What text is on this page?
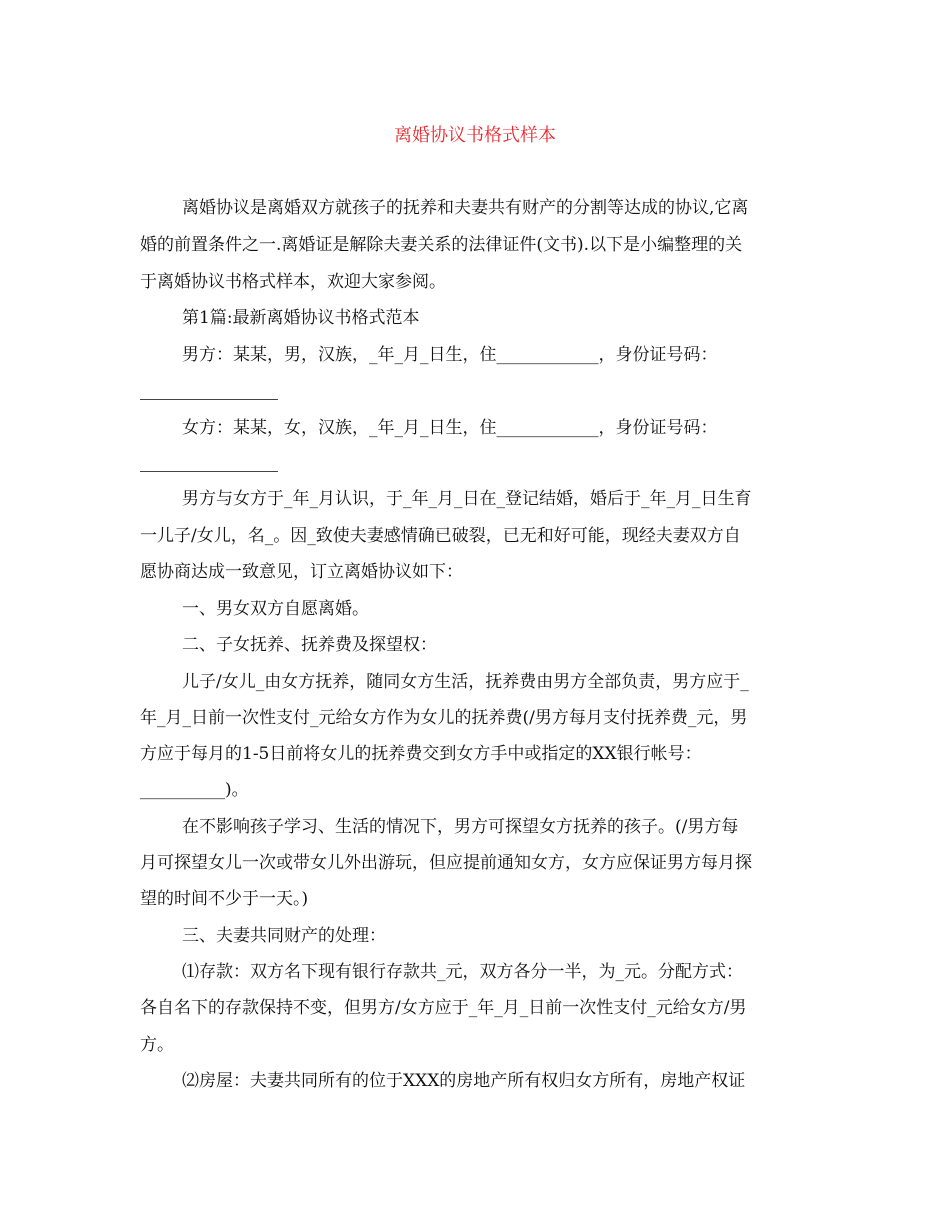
离婚协议书格式样本
离婚协议是离婚双方就孩子的抚养和夫妻共有财产的分割等达成的协议,它离
婚的前置条件之一.离婚证是解除夫妻关系的法律证件(文书).以下是小编整理的关
于离婚协议书格式样本，欢迎大家参阅。
第1篇:最新离婚协议书格式范本
男方：某某，男，汉族，_年_月_日生，住____________，身份证号码：
女方：某某，女，汉族，_年_月_日生，住____________，身份证号码：
男方与女方于_年_月认识，于_年_月_日在_登记结婚，婚后于_年_月_日生育
一儿子/女儿，名_。因_致使夫妻感情确已破裂，已无和好可能，现经夫妻双方自
愿协商达成一致意见，订立离婚协议如下：
一、男女双方自愿离婚。
二、子女抚养、抚养费及探望权：
儿子/女儿_由女方抚养，随同女方生活，抚养费由男方全部负责，男方应于_
年_月_日前一次性支付_元给女方作为女儿的抚养费(/男方每月支付抚养费_元，男
方应于每月的1-5日前将女儿的抚养费交到女方手中或指定的XX银行帐号：
__________)。
在不影响孩子学习、生活的情况下，男方可探望女方抚养的孩子。(/男方每
月可探望女儿一次或带女儿外出游玩，但应提前通知女方，女方应保证男方每月探
望的时间不少于一天。)
三、夫妻共同财产的处理：
⑴存款：双方名下现有银行存款共_元，双方各分一半，为_元。分配方式：
各自名下的存款保持不变，但男方/女方应于_年_月_日前一次性支付_元给女方/男
方。
⑵房屋：夫妻共同所有的位于XXX的房地产所有权归女方所有，房地产权证
